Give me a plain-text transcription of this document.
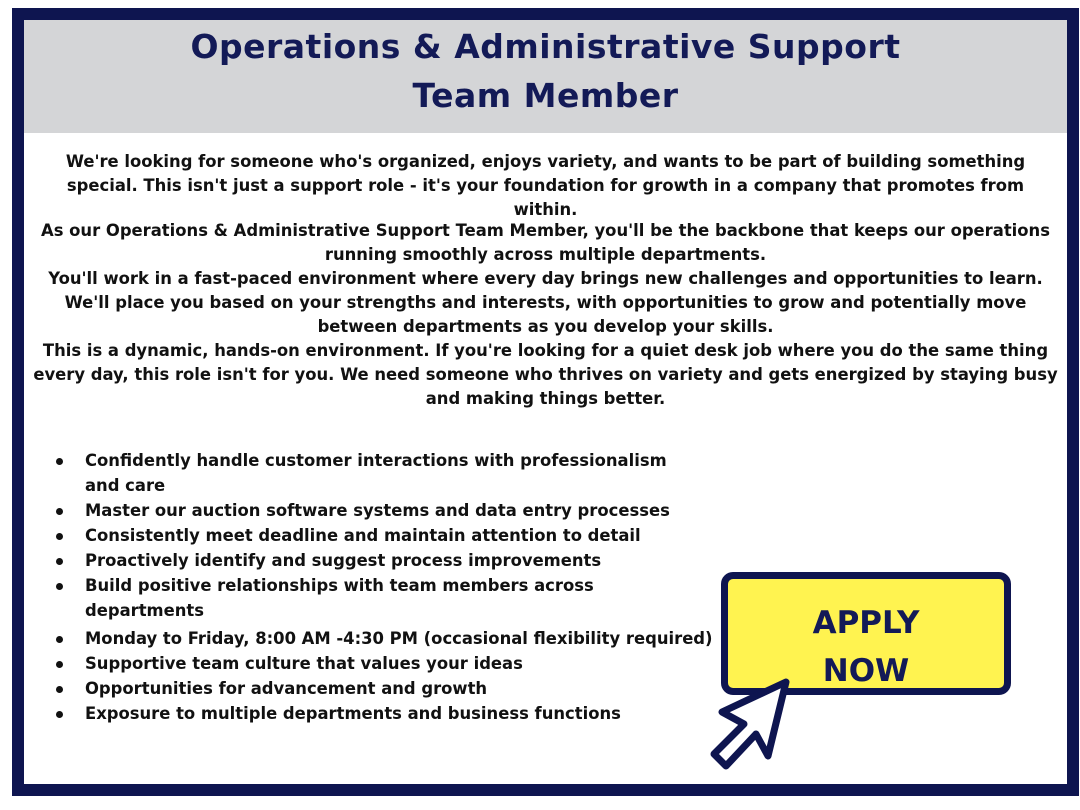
Operations & Administrative Support
Team Member

We're looking for someone who's organized, enjoys variety, and wants to be part of building something special. This isn't just a support role - it's your foundation for growth in a company that promotes from within.

As our Operations & Administrative Support Team Member, you'll be the backbone that keeps our operations running smoothly across multiple departments.

You'll work in a fast-paced environment where every day brings new challenges and opportunities to learn. We'll place you based on your strengths and interests, with opportunities to grow and potentially move between departments as you develop your skills.

This is a dynamic, hands-on environment. If you're looking for a quiet desk job where you do the same thing every day, this role isn't for you. We need someone who thrives on variety and gets energized by staying busy and making things better.

Confidently handle customer interactions with professionalism and care
Master our auction software systems and data entry processes
Consistently meet deadline and maintain attention to detail
Proactively identify and suggest process improvements
Build positive relationships with team members across departments
Monday to Friday, 8:00 AM -4:30 PM (occasional flexibility required)
Supportive team culture that values your ideas
Opportunities for advancement and growth
Exposure to multiple departments and business functions
APPLY
NOW
